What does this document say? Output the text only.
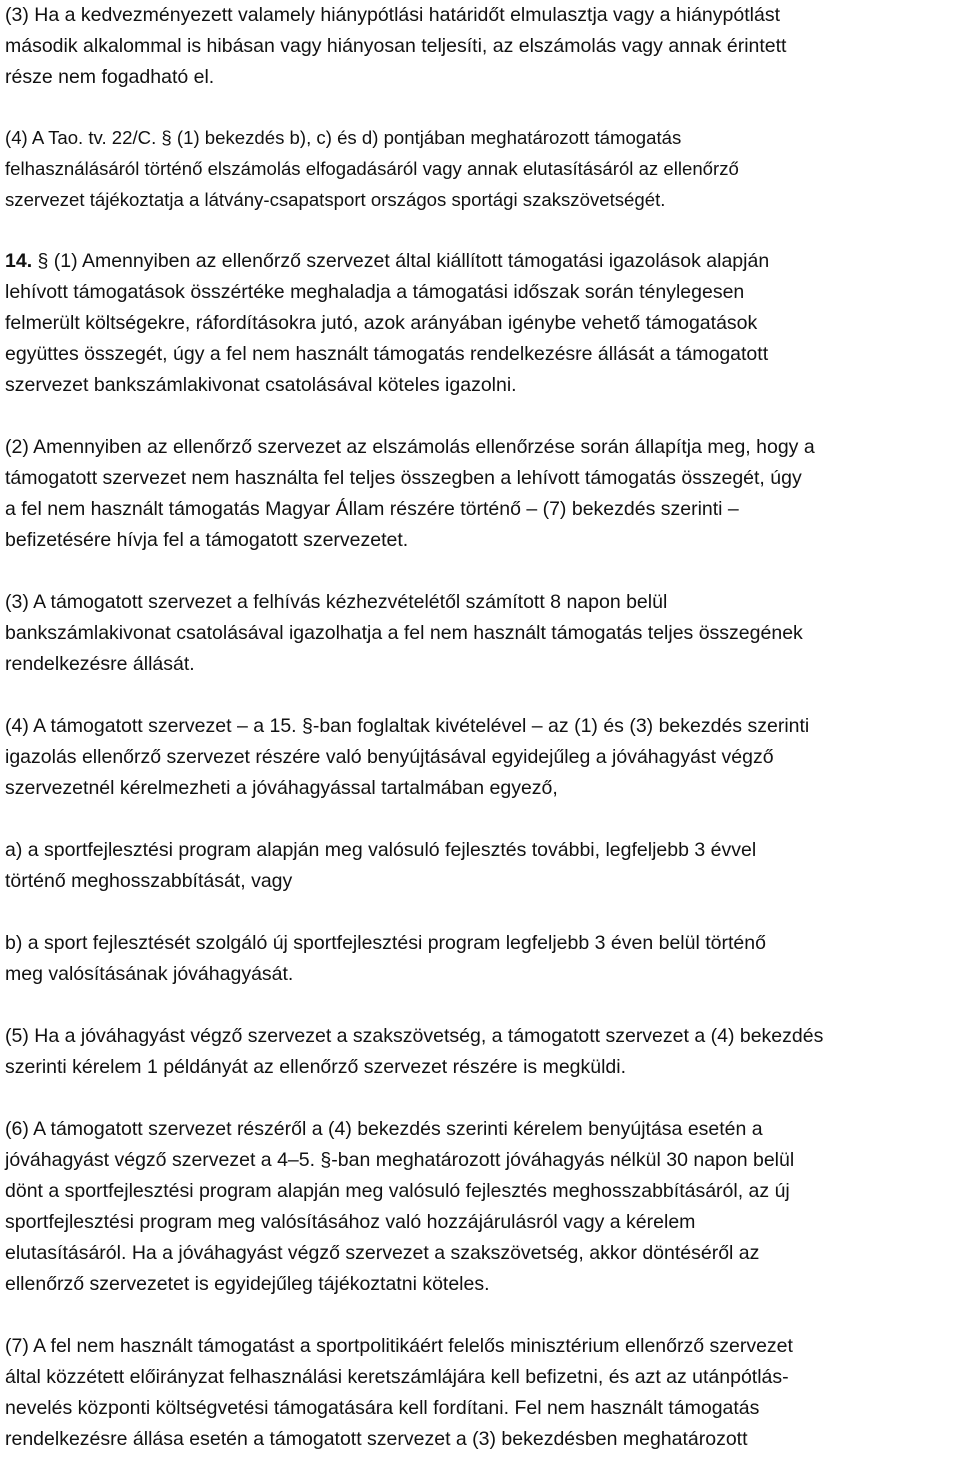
(3) Ha a kedvezményezett valamely hiánypótlási határidőt elmulasztja vagy a hiánypótlást
második alkalommal is hibásan vagy hiányosan teljesíti, az elszámolás vagy annak érintett
része nem fogadható el.

(4) A Tao. tv. 22/C. § (1) bekezdés b), c) és d) pontjában meghatározott támogatás
felhasználásáról történő elszámolás elfogadásáról vagy annak elutasításáról az ellenőrző
szervezet tájékoztatja a látvány-csapatsport országos sportági szakszövetségét.

14. § (1) Amennyiben az ellenőrző szervezet által kiállított támogatási igazolások alapján
lehívott támogatások összértéke meghaladja a támogatási időszak során ténylegesen
felmerült költségekre, ráfordításokra jutó, azok arányában igénybe vehető támogatások
együttes összegét, úgy a fel nem használt támogatás rendelkezésre állását a támogatott
szervezet bankszámlakivonat csatolásával köteles igazolni.

(2) Amennyiben az ellenőrző szervezet az elszámolás ellenőrzése során állapítja meg, hogy a
támogatott szervezet nem használta fel teljes összegben a lehívott támogatás összegét, úgy
a fel nem használt támogatás Magyar Állam részére történő – (7) bekezdés szerinti –
befizetésére hívja fel a támogatott szervezetet.

(3) A támogatott szervezet a felhívás kézhezvételétől számított 8 napon belül
bankszámlakivonat csatolásával igazolhatja a fel nem használt támogatás teljes összegének
rendelkezésre állását.

(4) A támogatott szervezet – a 15. §-ban foglaltak kivételével – az (1) és (3) bekezdés szerinti
igazolás ellenőrző szervezet részére való benyújtásával egyidejűleg a jóváhagyást végző
szervezetnél kérelmezheti a jóváhagyással tartalmában egyező,

a) a sportfejlesztési program alapján meg valósuló fejlesztés további, legfeljebb 3 évvel
történő meghosszabbítását, vagy

b) a sport fejlesztését szolgáló új sportfejlesztési program legfeljebb 3 éven belül történő
meg valósításának jóváhagyását.

(5) Ha a jóváhagyást végző szervezet a szakszövetség, a támogatott szervezet a (4) bekezdés
szerinti kérelem 1 példányát az ellenőrző szervezet részére is megküldi.

(6) A támogatott szervezet részéről a (4) bekezdés szerinti kérelem benyújtása esetén a
jóváhagyást végző szervezet a 4–5. §-ban meghatározott jóváhagyás nélkül 30 napon belül
dönt a sportfejlesztési program alapján meg valósuló fejlesztés meghosszabbításáról, az új
sportfejlesztési program meg valósításához való hozzájárulásról vagy a kérelem
elutasításáról. Ha a jóváhagyást végző szervezet a szakszövetség, akkor döntéséről az
ellenőrző szervezetet is egyidejűleg tájékoztatni köteles.

(7) A fel nem használt támogatást a sportpolitikáért felelős minisztérium ellenőrző szervezet
által közzétett előirányzat felhasználási keretszámlájára kell befizetni, és azt az utánpótlás-
nevelés központi költségvetési támogatására kell fordítani. Fel nem használt támogatás
rendelkezésre állása esetén a támogatott szervezet a (3) bekezdésben meghatározott
